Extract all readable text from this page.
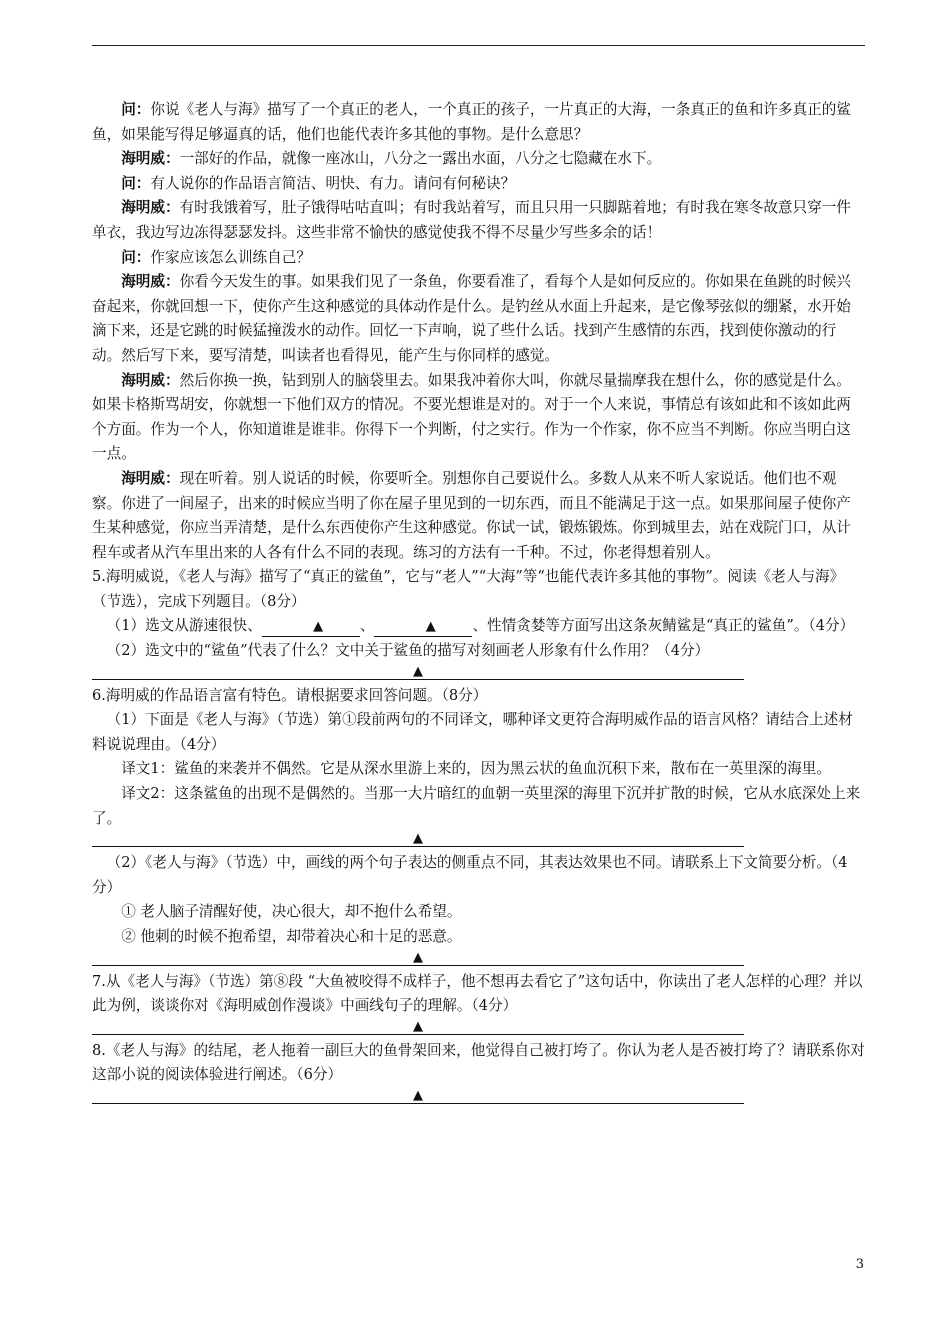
问：你说《老人与海》描写了一个真正的老人，一个真正的孩子，一片真正的大海，一条真正的鱼和许多真正的鲨鱼，如果能写得足够逼真的话，他们也能代表许多其他的事物。是什么意思？

海明威：一部好的作品，就像一座冰山，八分之一露出水面，八分之七隐藏在水下。

问：有人说你的作品语言简洁、明快、有力。请问有何秘诀？

海明威：有时我饿着写，肚子饿得咕咕直叫；有时我站着写，而且只用一只脚踮着地；有时我在寒冬故意只穿一件单衣，我边写边冻得瑟瑟发抖。这些非常不愉快的感觉使我不得不尽量少写些多余的话！

问：作家应该怎么训练自己？

海明威：你看今天发生的事。如果我们见了一条鱼，你要看准了，看每个人是如何反应的。你如果在鱼跳的时候兴奋起来，你就回想一下，使你产生这种感觉的具体动作是什么。是钓丝从水面上升起来，是它像琴弦似的绷紧，水开始滴下来，还是它跳的时候猛撞泼水的动作。回忆一下声响，说了些什么话。找到产生感情的东西，找到使你激动的行动。然后写下来，要写清楚，叫读者也看得见，能产生与你同样的感觉。

海明威：然后你换一换，钻到别人的脑袋里去。如果我冲着你大叫，你就尽量揣摩我在想什么，你的感觉是什么。如果卡格斯骂胡安，你就想一下他们双方的情况。不要光想谁是对的。对于一个人来说，事情总有该如此和不该如此两个方面。作为一个人，你知道谁是谁非。你得下一个判断，付之实行。作为一个作家，你不应当不判断。你应当明白这一点。

海明威：现在听着。别人说话的时候，你要听全。别想你自己要说什么。多数人从来不听人家说话。他们也不观察。你进了一间屋子，出来的时候应当明了你在屋子里见到的一切东西，而且不能满足于这一点。如果那间屋子使你产生某种感觉，你应当弄清楚，是什么东西使你产生这种感觉。你试一试，锻炼锻炼。你到城里去，站在戏院门口，从计程车或者从汽车里出来的人各有什么不同的表现。练习的方法有一千种。不过，你老得想着别人。

5.海明威说，《老人与海》描写了“真正的鲨鱼”，它与“老人”“大海”等“也能代表许多其他的事物”。阅读《老人与海》（节选），完成下列题目。（8分）

（1）选文从游速很快、	▲	、	▲	、性情贪婪等方面写出这条灰鲭鲨是“真正的鲨鱼”。（4分）

（2）选文中的“鲨鱼”代表了什么？文中关于鲨鱼的描写对刻画老人形象有什么作用？（4分）

▲

6.海明威的作品语言富有特色。请根据要求回答问题。（8分）

（1）下面是《老人与海》（节选）第①段前两句的不同译文，哪种译文更符合海明威作品的语言风格？请结合上述材料说说理由。（4分）

译文1：鲨鱼的来袭并不偶然。它是从深水里游上来的，因为黑云状的鱼血沉积下来，散布在一英里深的海里。

译文2：这条鲨鱼的出现不是偶然的。当那一大片暗红的血朝一英里深的海里下沉并扩散的时候，它从水底深处上来了。

▲

（2）《老人与海》（节选）中，画线的两个句子表达的侧重点不同，其表达效果也不同。请联系上下文简要分析。（4分）

① 老人脑子清醒好使，决心很大，却不抱什么希望。

② 他刺的时候不抱希望，却带着决心和十足的恶意。

▲

7.从《老人与海》（节选）第⑧段 “大鱼被咬得不成样子，他不想再去看它了”这句话中，你读出了老人怎样的心理？并以此为例，谈谈你对《海明威创作漫谈》中画线句子的理解。（4分）

▲

8.《老人与海》的结尾，老人拖着一副巨大的鱼骨架回来，他觉得自己被打垮了。你认为老人是否被打垮了？请联系你对这部小说的阅读体验进行阐述。（6分）

▲
3
